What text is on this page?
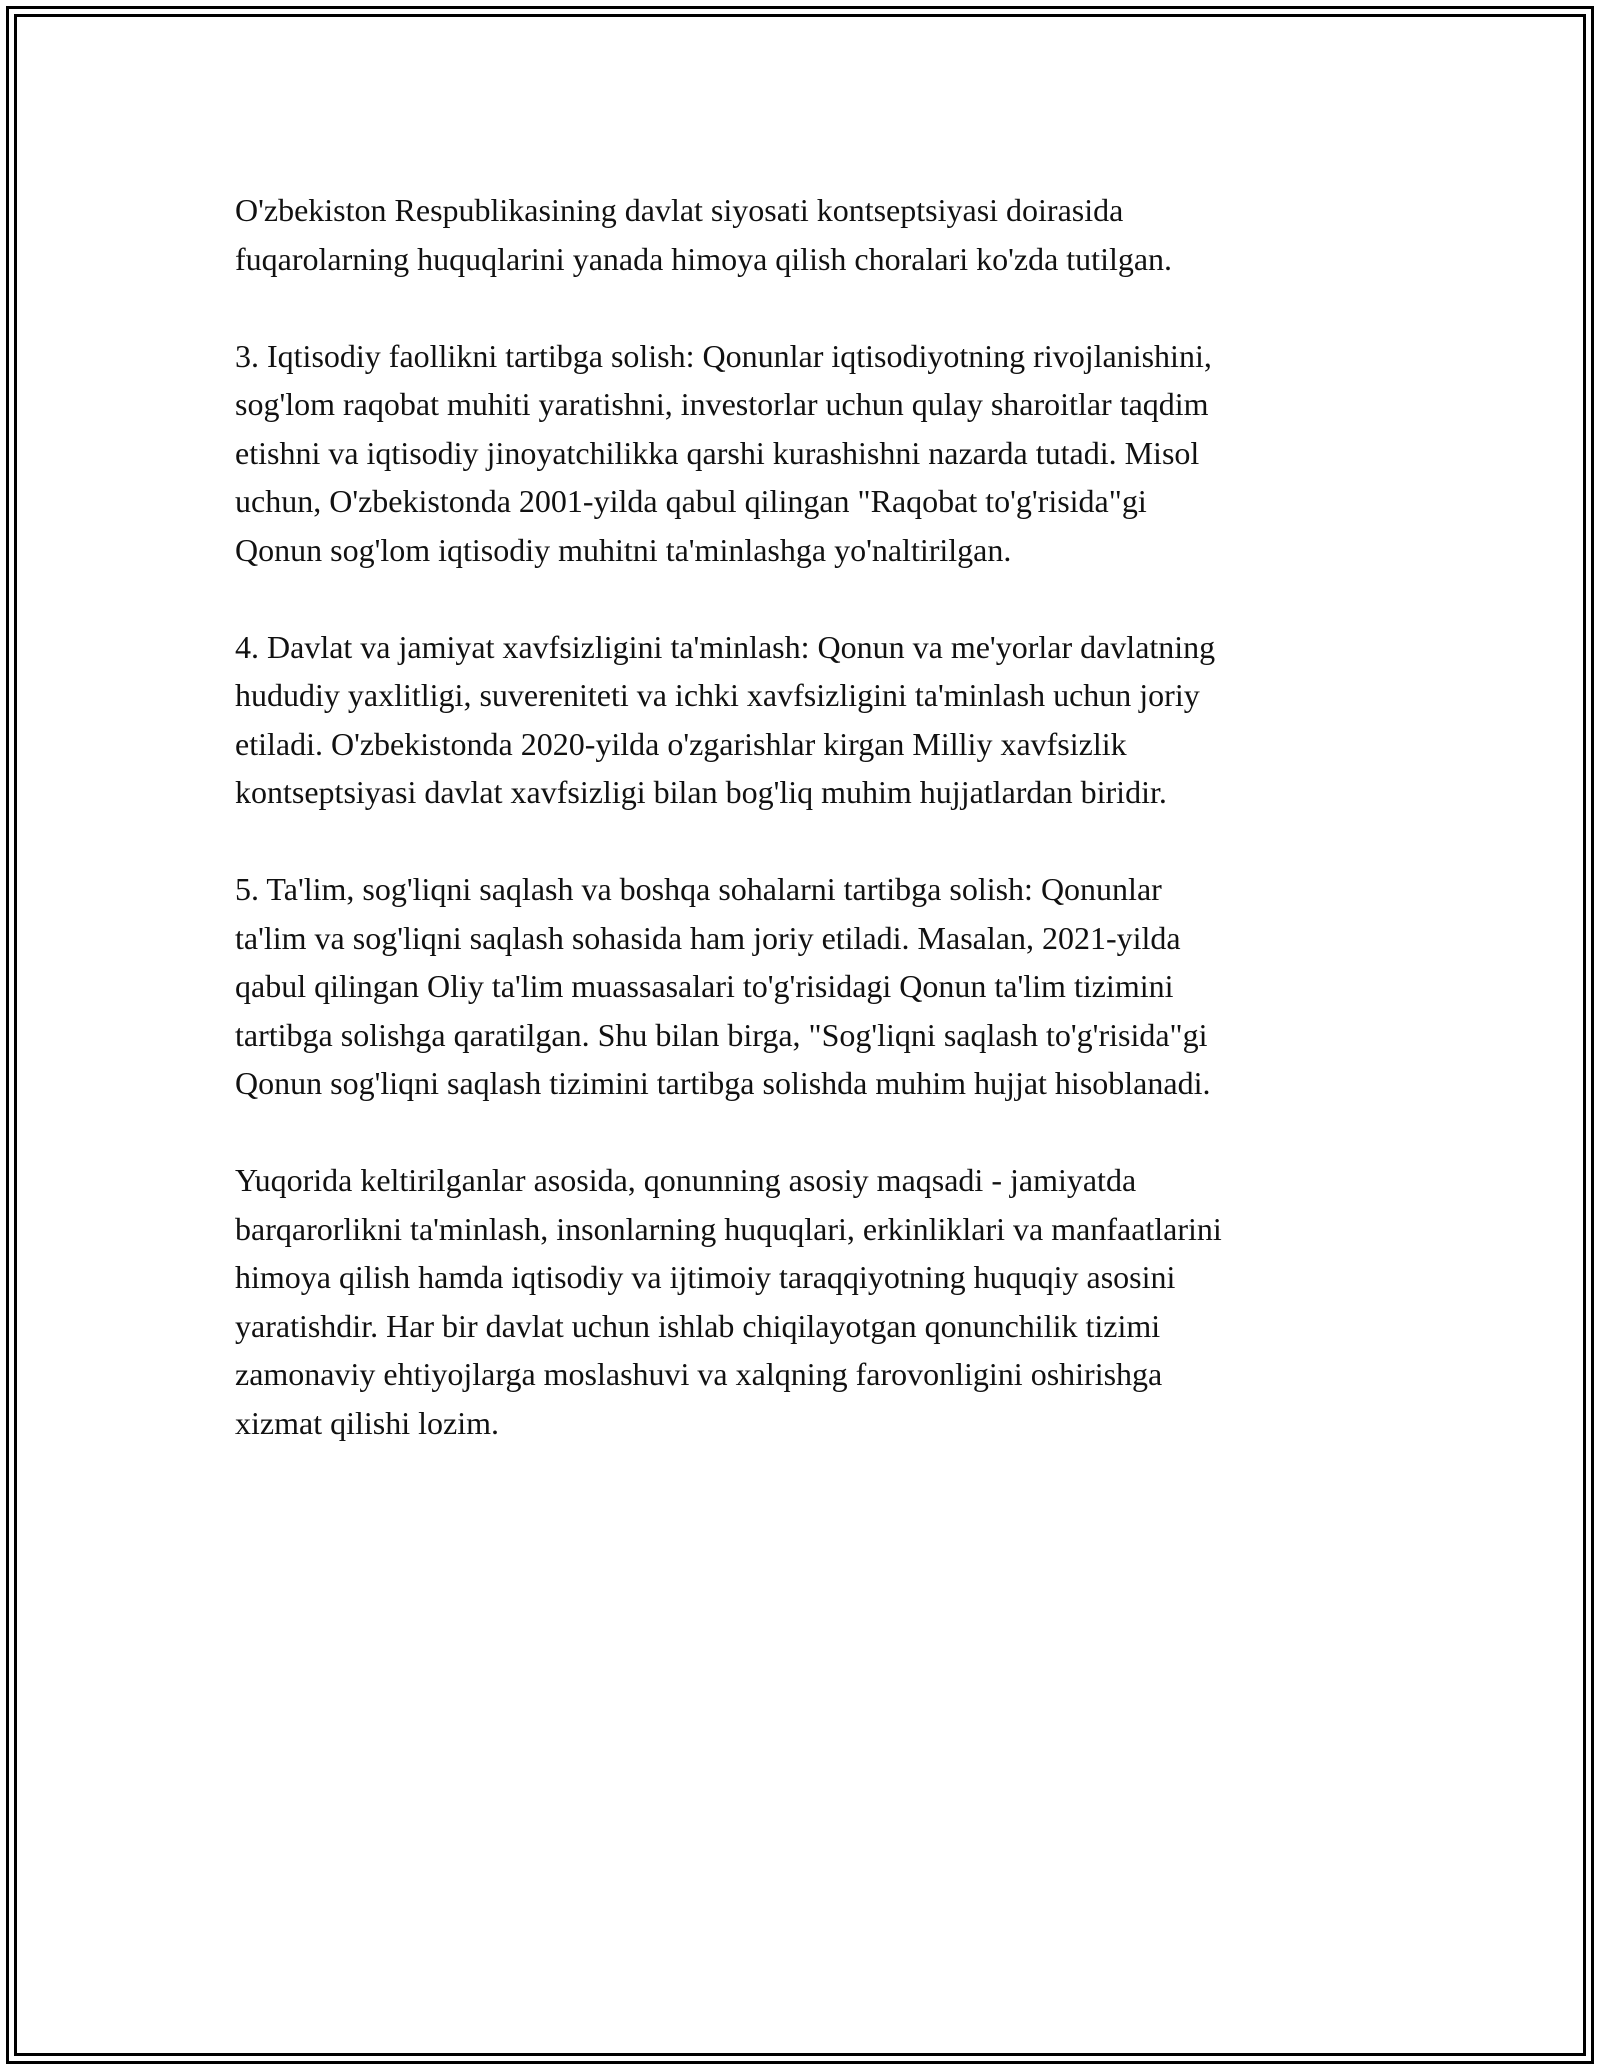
O'zbekiston Respublikasining davlat siyosati kontseptsiyasi doirasida
fuqarolarning huquqlarini yanada himoya qilish choralari ko'zda tutilgan.

3. Iqtisodiy faollikni tartibga solish: Qonunlar iqtisodiyotning rivojlanishini,
sog'lom raqobat muhiti yaratishni, investorlar uchun qulay sharoitlar taqdim
etishni va iqtisodiy jinoyatchilikka qarshi kurashishni nazarda tutadi. Misol
uchun, O'zbekistonda 2001-yilda qabul qilingan "Raqobat to'g'risida"gi
Qonun sog'lom iqtisodiy muhitni ta'minlashga yo'naltirilgan.

4. Davlat va jamiyat xavfsizligini ta'minlash: Qonun va me'yorlar davlatning
hududiy yaxlitligi, suvereniteti va ichki xavfsizligini ta'minlash uchun joriy
etiladi. O'zbekistonda 2020-yilda o'zgarishlar kirgan Milliy xavfsizlik
kontseptsiyasi davlat xavfsizligi bilan bog'liq muhim hujjatlardan biridir.

5. Ta'lim, sog'liqni saqlash va boshqa sohalarni tartibga solish: Qonunlar
ta'lim va sog'liqni saqlash sohasida ham joriy etiladi. Masalan, 2021-yilda
qabul qilingan Oliy ta'lim muassasalari to'g'risidagi Qonun ta'lim tizimini
tartibga solishga qaratilgan. Shu bilan birga, "Sog'liqni saqlash to'g'risida"gi
Qonun sog'liqni saqlash tizimini tartibga solishda muhim hujjat hisoblanadi.

Yuqorida keltirilganlar asosida, qonunning asosiy maqsadi - jamiyatda
barqarorlikni ta'minlash, insonlarning huquqlari, erkinliklari va manfaatlarini
himoya qilish hamda iqtisodiy va ijtimoiy taraqqiyotning huquqiy asosini
yaratishdir. Har bir davlat uchun ishlab chiqilayotgan qonunchilik tizimi
zamonaviy ehtiyojlarga moslashuvi va xalqning farovonligini oshirishga
xizmat qilishi lozim.
